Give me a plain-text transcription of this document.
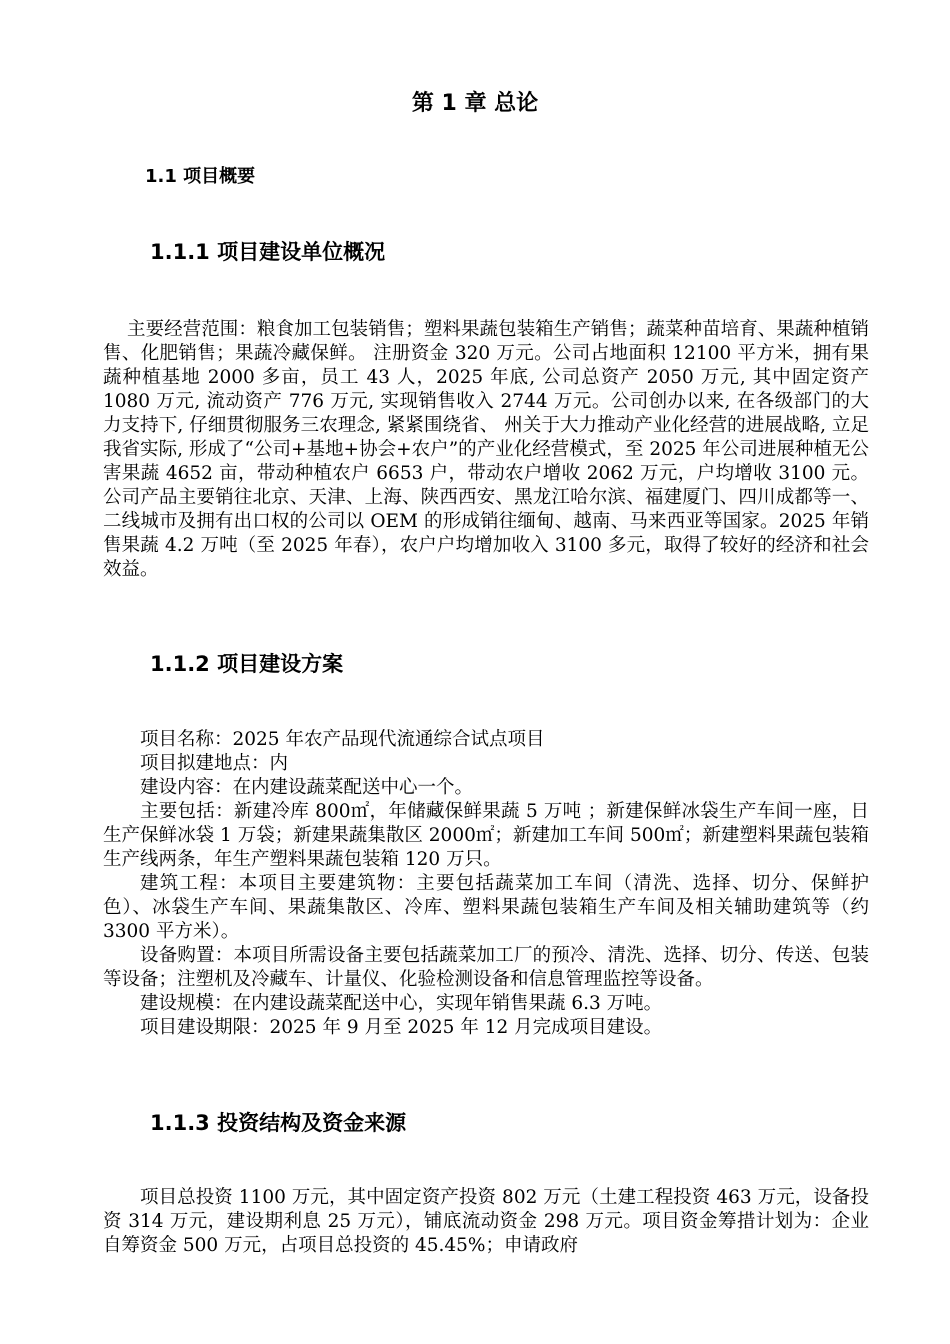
第 1 章 总论
1.1 项目概要
1.1.1 项目建设单位概况

主要经营范围：粮食加工包装销售；塑料果蔬包装箱生产销售；蔬菜种苗培育、果蔬种植销售、化肥销售；果蔬冷藏保鲜。 注册资金 320 万元。公司占地面积 12100 平方米，拥有果蔬种植基地 2000 多亩，员工 43 人，2025 年底, 公司总资产 2050 万元, 其中固定资产 1080 万元, 流动资产 776 万元, 实现销售收入 2744 万元。公司创办以来, 在各级部门的大力支持下, 仔细贯彻服务三农理念, 紧紧围绕省、 州关于大力推动产业化经营的进展战略, 立足我省实际, 形成了“公司+基地+协会+农户”的产业化经营模式，至 2025 年公司进展种植无公害果蔬 4652 亩，带动种植农户 6653 户，带动农户增收 2062 万元，户均增收 3100 元。公司产品主要销往北京、天津、上海、陕西西安、黑龙江哈尔滨、福建厦门、四川成都等一、二线城市及拥有出口权的公司以 OEM 的形成销往缅甸、越南、马来西亚等国家。2025 年销售果蔬 4.2 万吨（至 2025 年春），农户户均增加收入 3100 多元，取得了较好的经济和社会效益。

1.1.2 项目建设方案

项目名称：2025 年农产品现代流通综合试点项目

项目拟建地点：内

建设内容：在内建设蔬菜配送中心一个。

主要包括：新建冷库 800㎡，年储藏保鲜果蔬 5 万吨 ；新建保鲜冰袋生产车间一座，日生产保鲜冰袋 1 万袋；新建果蔬集散区 2000㎡；新建加工车间 500㎡；新建塑料果蔬包装箱生产线两条，年生产塑料果蔬包装箱 120 万只。

建筑工程：本项目主要建筑物：主要包括蔬菜加工车间（清洗、选择、切分、保鲜护色）、冰袋生产车间、果蔬集散区、冷库、塑料果蔬包装箱生产车间及相关辅助建筑等（约 3300 平方米）。

设备购置：本项目所需设备主要包括蔬菜加工厂的预冷、清洗、选择、切分、传送、包装等设备；注塑机及冷藏车、计量仪、化验检测设备和信息管理监控等设备。

建设规模：在内建设蔬菜配送中心，实现年销售果蔬 6.3 万吨。

项目建设期限：2025 年 9 月至 2025 年 12 月完成项目建设。

1.1.3 投资结构及资金来源

项目总投资 1100 万元，其中固定资产投资 802 万元（土建工程投资 463 万元，设备投资 314 万元，建设期利息 25 万元），铺底流动资金 298 万元。项目资金筹措计划为：企业自筹资金 500 万元，占项目总投资的 45.45%；申请政府
